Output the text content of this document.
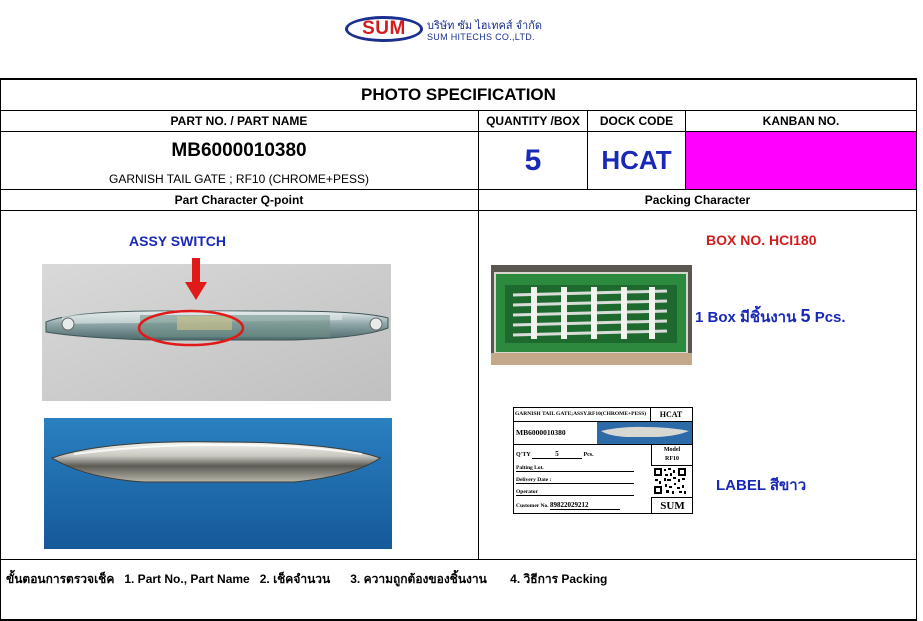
SUM	บริษัท ซัม ไฮเทคส์ จำกัด
SUM HITECHS CO.,LTD.
PHOTO SPECIFICATION
PART NO. / PART NAME	QUANTITY /BOX	DOCK CODE	KANBAN NO.
MB6000010380
GARNISH TAIL GATE ; RF10 (CHROME+PESS)
5	HCAT
Part Character Q-point	Packing Character
ASSY SWITCH	BOX NO. HCI180
1 Box มีชิ้นงาน 5 Pcs.
LABEL สีขาว
GARNISH TAIL GATE;ASSY.RF10(CHROME+PESS)	HCAT
MB6000010380
Q'TY	5	Pcs.
Model
RF10
Palting Lot.
Delivery Date :
Operator
Customer No. 89822029212	SUM
ขั้นตอนการตรวจเช็ค   1. Part No., Part Name   2. เช็คจำนวน      3. ความถูกต้องของชิ้นงาน       4. วิธีการ Packing
